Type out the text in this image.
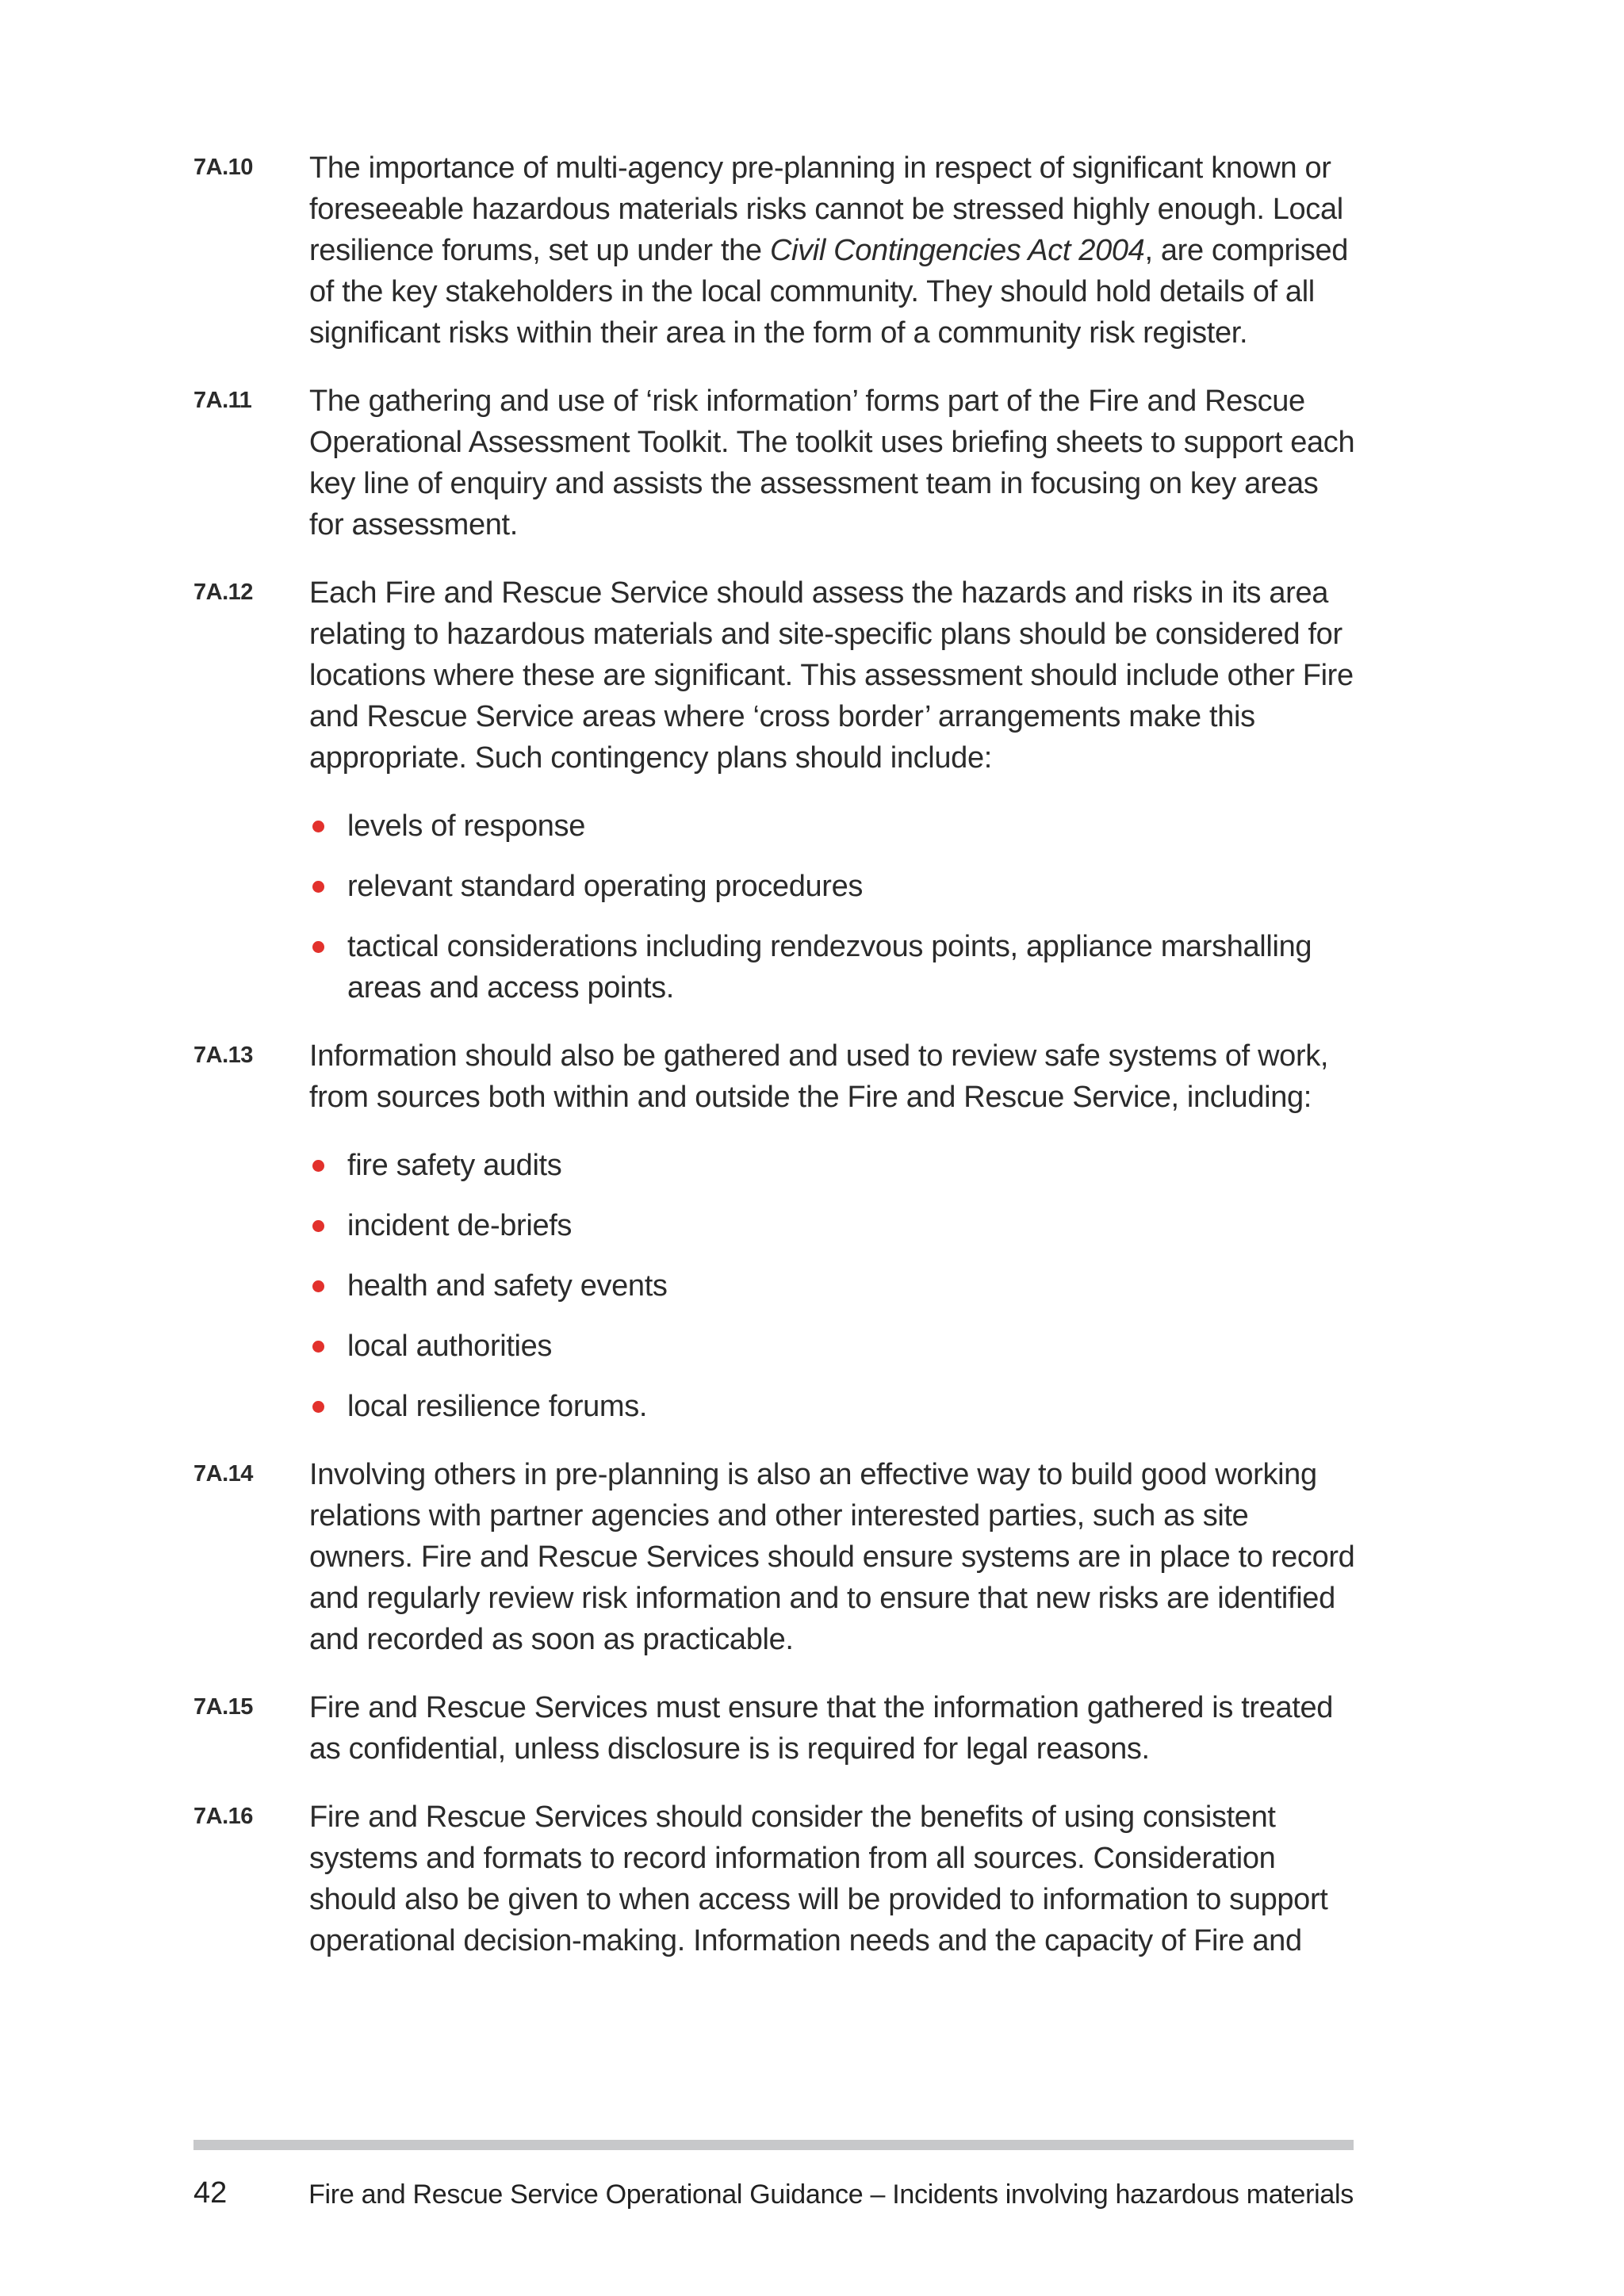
7A.10 The importance of multi-agency pre-planning in respect of significant known or foreseeable hazardous materials risks cannot be stressed highly enough. Local resilience forums, set up under the Civil Contingencies Act 2004, are comprised of the key stakeholders in the local community. They should hold details of all significant risks within their area in the form of a community risk register.
7A.11 The gathering and use of ‘risk information’ forms part of the Fire and Rescue Operational Assessment Toolkit. The toolkit uses briefing sheets to support each key line of enquiry and assists the assessment team in focusing on key areas for assessment.
7A.12 Each Fire and Rescue Service should assess the hazards and risks in its area relating to hazardous materials and site-specific plans should be considered for locations where these are significant. This assessment should include other Fire and Rescue Service areas where ‘cross border’ arrangements make this appropriate. Such contingency plans should include:
levels of response
relevant standard operating procedures
tactical considerations including rendezvous points, appliance marshalling areas and access points.
7A.13 Information should also be gathered and used to review safe systems of work, from sources both within and outside the Fire and Rescue Service, including:
fire safety audits
incident de-briefs
health and safety events
local authorities
local resilience forums.
7A.14 Involving others in pre-planning is also an effective way to build good working relations with partner agencies and other interested parties, such as site owners. Fire and Rescue Services should ensure systems are in place to record and regularly review risk information and to ensure that new risks are identified and recorded as soon as practicable.
7A.15 Fire and Rescue Services must ensure that the information gathered is treated as confidential, unless disclosure is is required for legal reasons.
7A.16 Fire and Rescue Services should consider the benefits of using consistent systems and formats to record information from all sources. Consideration should also be given to when access will be provided to information to support operational decision-making. Information needs and the capacity of Fire and
42	Fire and Rescue Service Operational Guidance – Incidents involving hazardous materials
